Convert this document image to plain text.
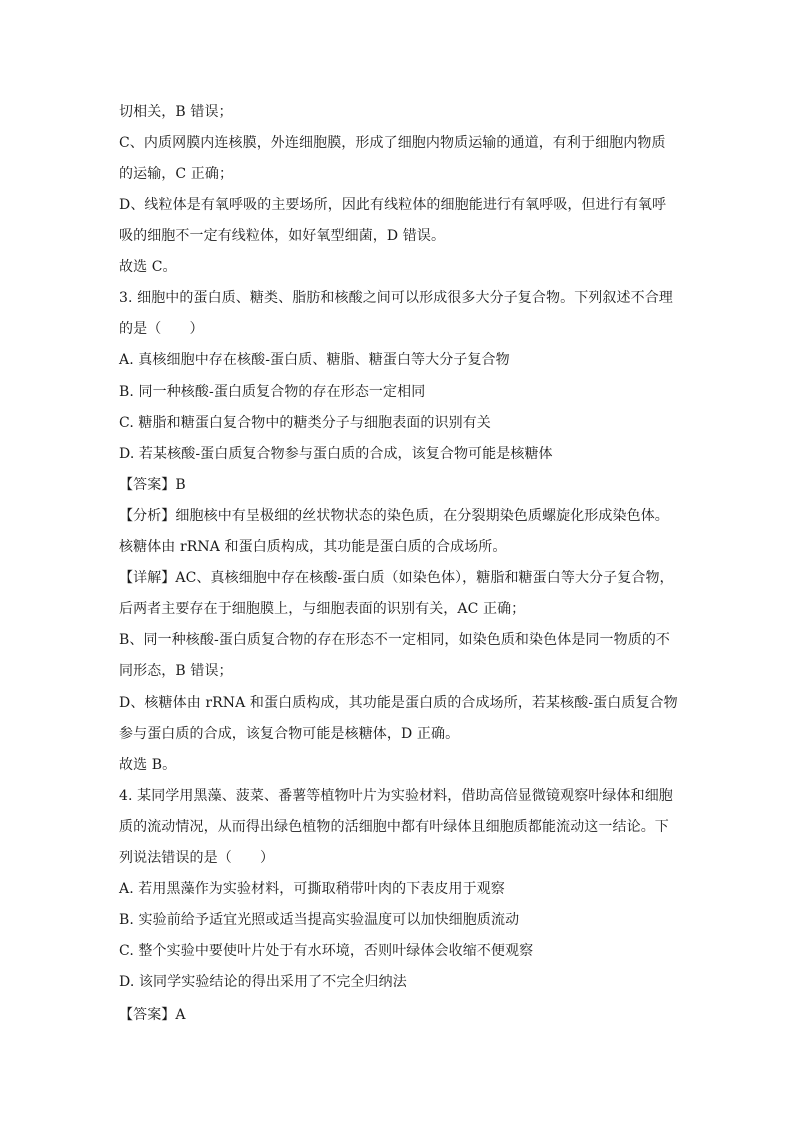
切相关，B 错误；
C、内质网膜内连核膜，外连细胞膜，形成了细胞内物质运输的通道，有利于细胞内物质
的运输，C 正确；
D、线粒体是有氧呼吸的主要场所，因此有线粒体的细胞能进行有氧呼吸，但进行有氧呼
吸的细胞不一定有线粒体，如好氧型细菌，D 错误。
故选 C。
3. 细胞中的蛋白质、糖类、脂肪和核酸之间可以形成很多大分子复合物。下列叙述不合理
的是（　　）
A. 真核细胞中存在核酸-蛋白质、糖脂、糖蛋白等大分子复合物
B. 同一种核酸-蛋白质复合物的存在形态一定相同
C. 糖脂和糖蛋白复合物中的糖类分子与细胞表面的识别有关
D. 若某核酸-蛋白质复合物参与蛋白质的合成，该复合物可能是核糖体
【答案】B
【分析】细胞核中有呈极细的丝状物状态的染色质，在分裂期染色质螺旋化形成染色体。
核糖体由 rRNA 和蛋白质构成，其功能是蛋白质的合成场所。
【详解】AC、真核细胞中存在核酸-蛋白质（如染色体），糖脂和糖蛋白等大分子复合物，
后两者主要存在于细胞膜上，与细胞表面的识别有关，AC 正确；
B、同一种核酸-蛋白质复合物的存在形态不一定相同，如染色质和染色体是同一物质的不
同形态，B 错误；
D、核糖体由 rRNA 和蛋白质构成，其功能是蛋白质的合成场所，若某核酸-蛋白质复合物
参与蛋白质的合成，该复合物可能是核糖体，D 正确。
故选 B。
4. 某同学用黑藻、菠菜、番薯等植物叶片为实验材料，借助高倍显微镜观察叶绿体和细胞
质的流动情况，从而得出绿色植物的活细胞中都有叶绿体且细胞质都能流动这一结论。下
列说法错误的是（　　）
A. 若用黑藻作为实验材料，可撕取稍带叶肉的下表皮用于观察
B. 实验前给予适宜光照或适当提高实验温度可以加快细胞质流动
C. 整个实验中要使叶片处于有水环境，否则叶绿体会收缩不便观察
D. 该同学实验结论的得出采用了不完全归纳法
【答案】A
